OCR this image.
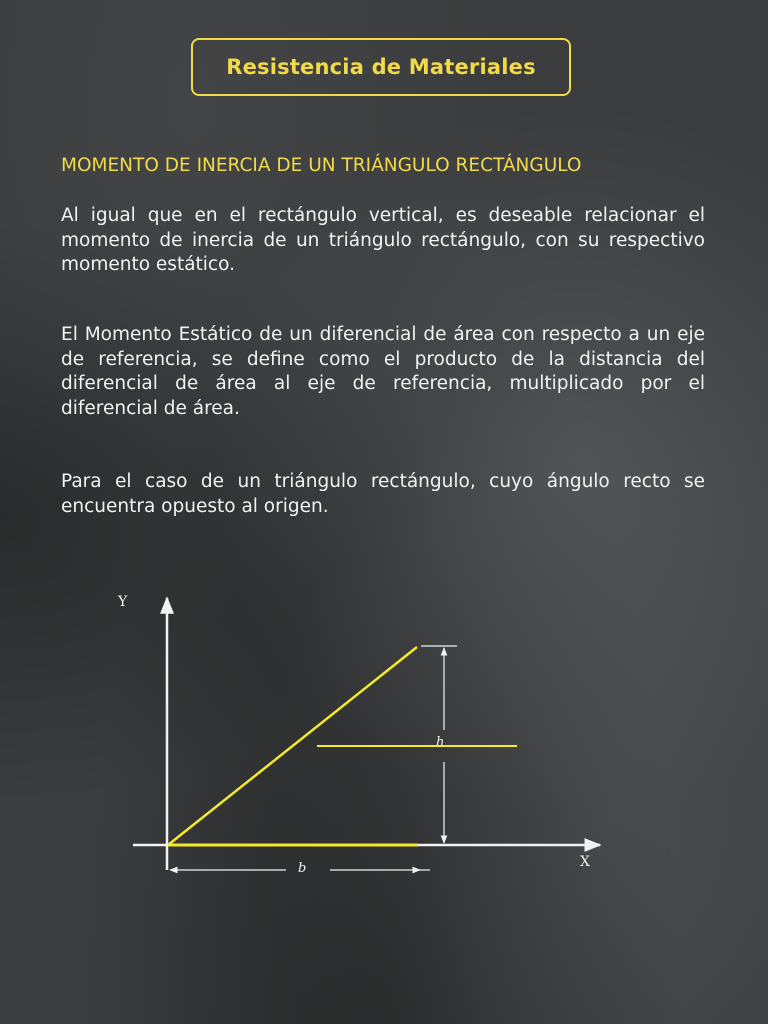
Resistencia de Materiales
MOMENTO DE INERCIA DE UN TRIÁNGULO RECTÁNGULO

Al igual que en el rectángulo vertical, es deseable relacionar el momento de inercia de un triángulo rectángulo, con su respectivo momento estático.

El Momento Estático de un diferencial de área con respecto a un eje de referencia, se define como el producto de la distancia del diferencial de área al eje de referencia, multiplicado por el diferencial de área.

Para el caso de un triángulo rectángulo, cuyo ángulo recto se encuentra opuesto al origen.

Y
X
h
b
